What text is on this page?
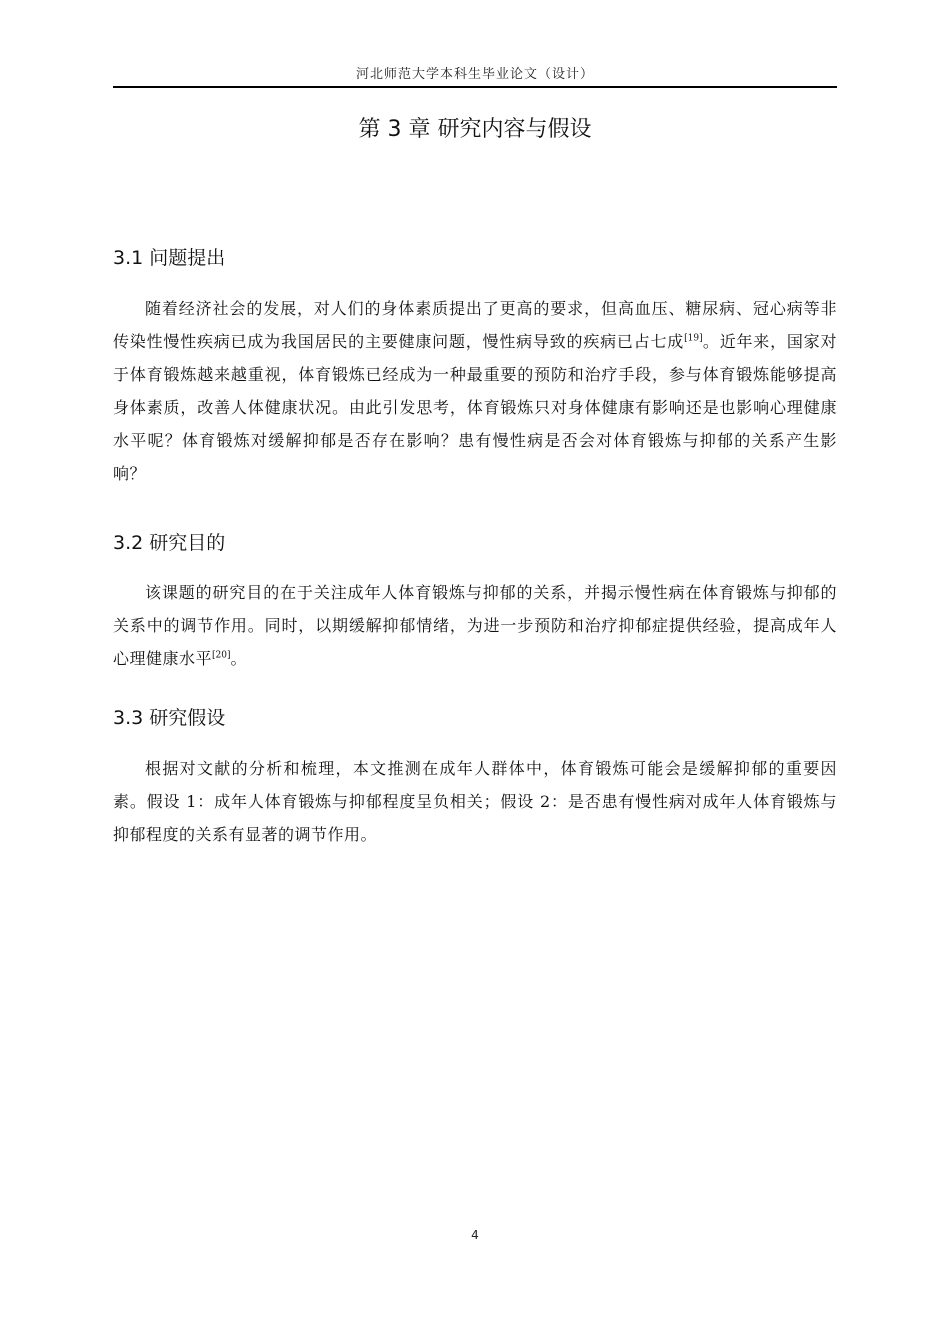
河北师范大学本科生毕业论文（设计）
第 3 章 研究内容与假设
3.1 问题提出

随着经济社会的发展，对人们的身体素质提出了更高的要求，但高血压、糖尿病、冠心病等非传染性慢性疾病已成为我国居民的主要健康问题，慢性病导致的疾病已占七成[19]。近年来，国家对于体育锻炼越来越重视，体育锻炼已经成为一种最重要的预防和治疗手段，参与体育锻炼能够提高身体素质，改善人体健康状况。由此引发思考，体育锻炼只对身体健康有影响还是也影响心理健康水平呢？体育锻炼对缓解抑郁是否存在影响？患有慢性病是否会对体育锻炼与抑郁的关系产生影响？

3.2 研究目的

该课题的研究目的在于关注成年人体育锻炼与抑郁的关系，并揭示慢性病在体育锻炼与抑郁的关系中的调节作用。同时，以期缓解抑郁情绪，为进一步预防和治疗抑郁症提供经验，提高成年人心理健康水平[20]。

3.3 研究假设

根据对文献的分析和梳理，本文推测在成年人群体中，体育锻炼可能会是缓解抑郁的重要因素。假设 1：成年人体育锻炼与抑郁程度呈负相关；假设 2：是否患有慢性病对成年人体育锻炼与抑郁程度的关系有显著的调节作用。

4
